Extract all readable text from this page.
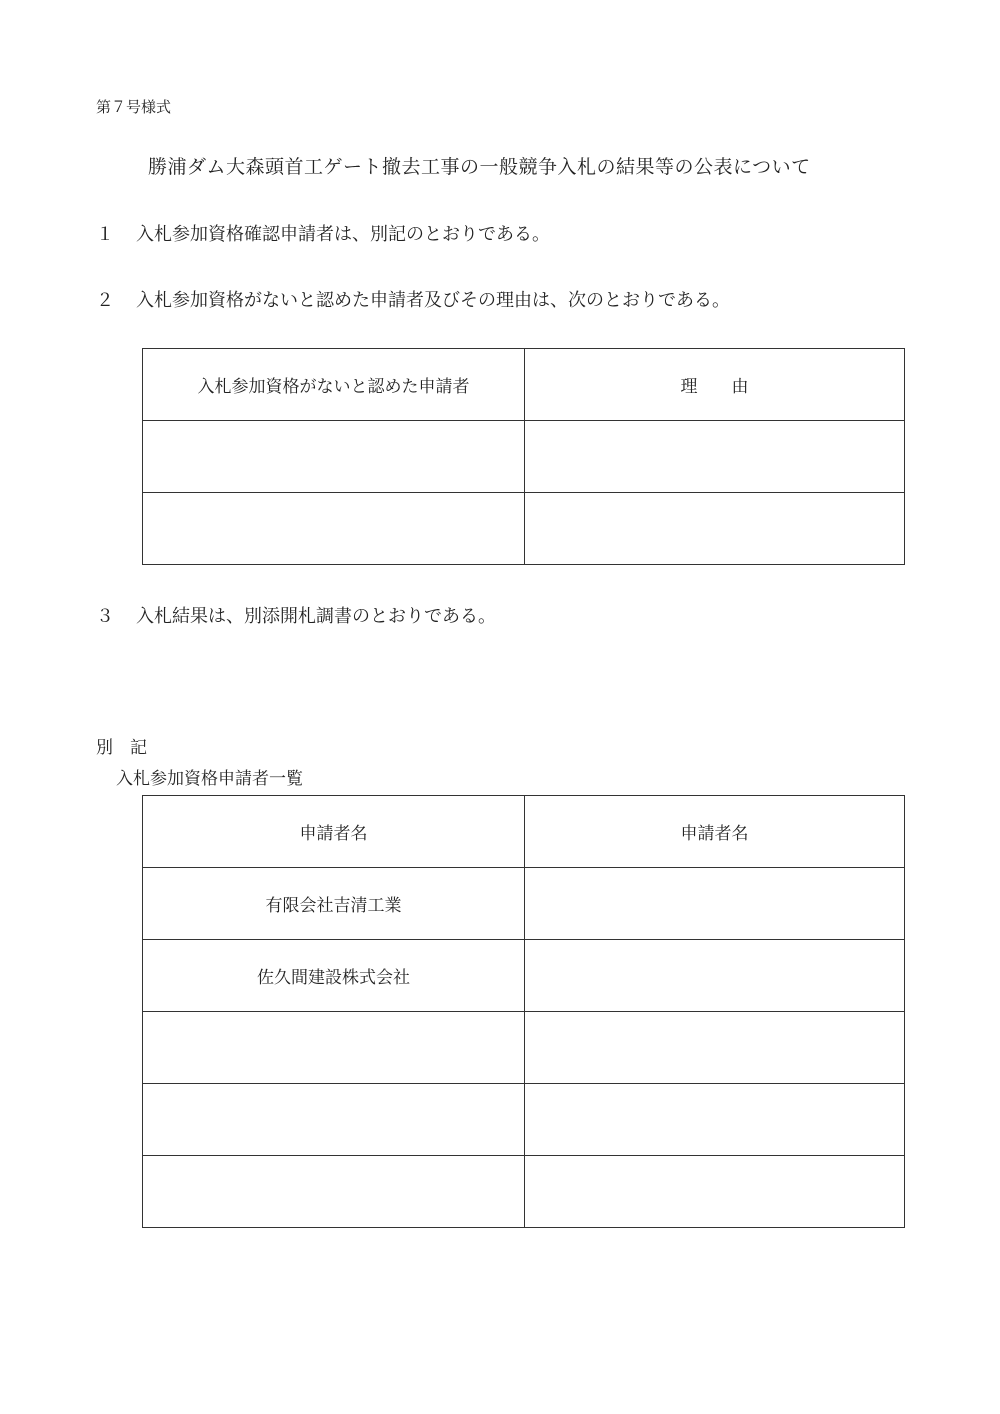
第７号様式
勝浦ダム大森頭首工ゲート撤去工事の一般競争入札の結果等の公表について
１ 入札参加資格確認申請者は、別記のとおりである。
２ 入札参加資格がないと認めた申請者及びその理由は、次のとおりである。
入札参加資格がないと認めた申請者	理　　由

３ 入札結果は、別添開札調書のとおりである。
別　記
入札参加資格申請者一覧
申請者名	申請者名
有限会社吉清工業	
佐久間建設株式会社	
